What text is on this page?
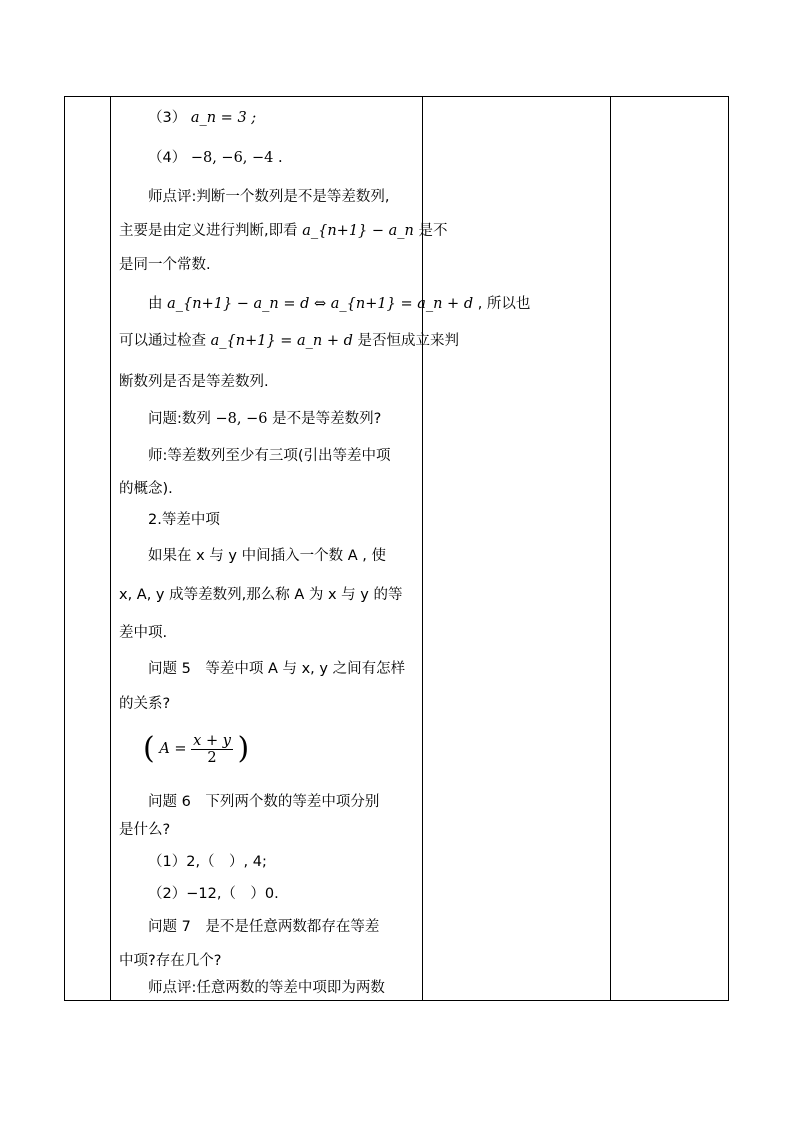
（3） a_n = 3 ;
（4） −8, −6, −4 .
师点评:判断一个数列是不是等差数列,
主要是由定义进行判断,即看 a_{n+1} − a_n 是不
是同一个常数.
由 a_{n+1} − a_n = d ⇔ a_{n+1} = a_n + d , 所以也
可以通过检查 a_{n+1} = a_n + d 是否恒成立来判
断数列是否是等差数列.
问题:数列 −8, −6 是不是等差数列?
师:等差数列至少有三项(引出等差中项
的概念).
2.等差中项
如果在 x 与 y 中间插入一个数 A , 使
x, A, y 成等差数列,那么称 A 为 x 与 y 的等
差中项.
问题 5　等差中项 A 与 x, y 之间有怎样
的关系?
( $A = \frac{x + y}{2}$ )
问题 6　下列两个数的等差中项分别
是什么?
（1）2,（　）, 4;
（2）−12,（　）0.
问题 7　是不是任意两数都存在等差
中项?存在几个?
师点评:任意两数的等差中项即为两数
